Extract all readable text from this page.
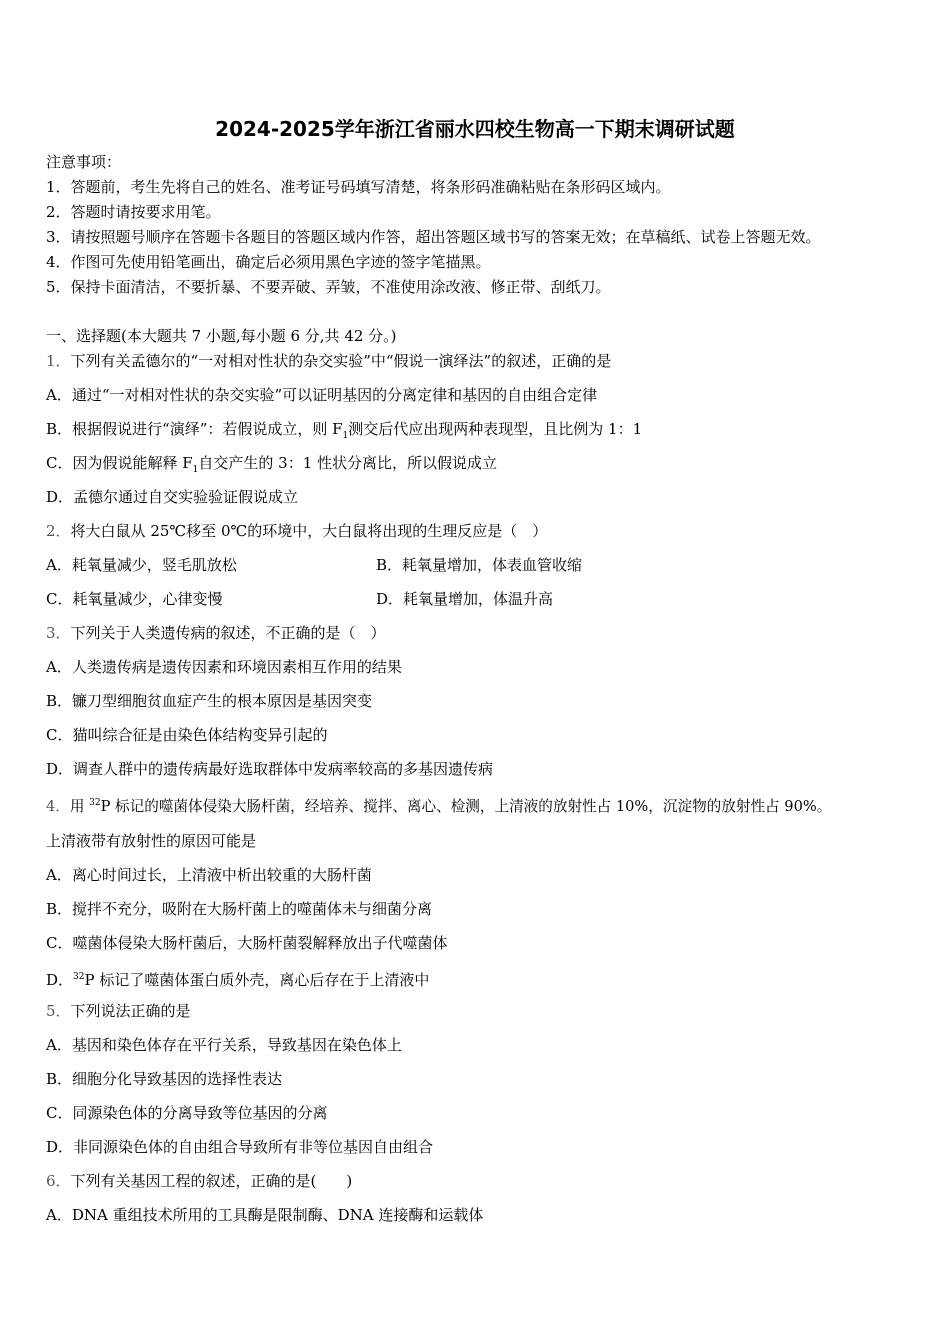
2024-2025学年浙江省丽水四校生物高一下期末调研试题
注意事项：
1．答题前，考生先将自己的姓名、准考证号码填写清楚，将条形码准确粘贴在条形码区域内。
2．答题时请按要求用笔。
3．请按照题号顺序在答题卡各题目的答题区域内作答，超出答题区域书写的答案无效；在草稿纸、试卷上答题无效。
4．作图可先使用铅笔画出，确定后必须用黑色字迹的签字笔描黑。
5．保持卡面清洁，不要折暴、不要弄破、弄皱，不准使用涂改液、修正带、刮纸刀。
一、选择题(本大题共 7 小题,每小题 6 分,共 42 分。)
1．下列有关孟德尔的“一对相对性状的杂交实验”中“假说一演绎法”的叙述，正确的是
A．通过“一对相对性状的杂交实验”可以证明基因的分离定律和基因的自由组合定律
B．根据假说进行“演绎”：若假说成立，则 $F_1$测交后代应出现两种表现型，且比例为 1：1
C．因为假说能解释 $F_1$自交产生的 3：1 性状分离比，所以假说成立
D．孟德尔通过自交实验验证假说成立
2．将大白鼠从 25℃移至 0℃的环境中，大白鼠将出现的生理反应是（　）
A．耗氧量减少，竖毛肌放松	B．耗氧量增加，体表血管收缩
C．耗氧量减少，心律变慢	D．耗氧量增加，体温升高
3．下列关于人类遗传病的叙述，不正确的是（　）
A．人类遗传病是遗传因素和环境因素相互作用的结果
B．镰刀型细胞贫血症产生的根本原因是基因突变
C．猫叫综合征是由染色体结构变异引起的
D．调查人群中的遗传病最好选取群体中发病率较高的多基因遗传病
4．用 $^{32}$P 标记的噬菌体侵染大肠杆菌，经培养、搅拌、离心、检测，上清液的放射性占 10%，沉淀物的放射性占 90%。
上清液带有放射性的原因可能是
A．离心时间过长，上清液中析出较重的大肠杆菌
B．搅拌不充分，吸附在大肠杆菌上的噬菌体未与细菌分离
C．噬菌体侵染大肠杆菌后，大肠杆菌裂解释放出子代噬菌体
D．$^{32}$P 标记了噬菌体蛋白质外壳，离心后存在于上清液中
5．下列说法正确的是
A．基因和染色体存在平行关系，导致基因在染色体上
B．细胞分化导致基因的选择性表达
C．同源染色体的分离导致等位基因的分离
D．非同源染色体的自由组合导致所有非等位基因自由组合
6．下列有关基因工程的叙述，正确的是(　　)
A．DNA 重组技术所用的工具酶是限制酶、DNA 连接酶和运载体
